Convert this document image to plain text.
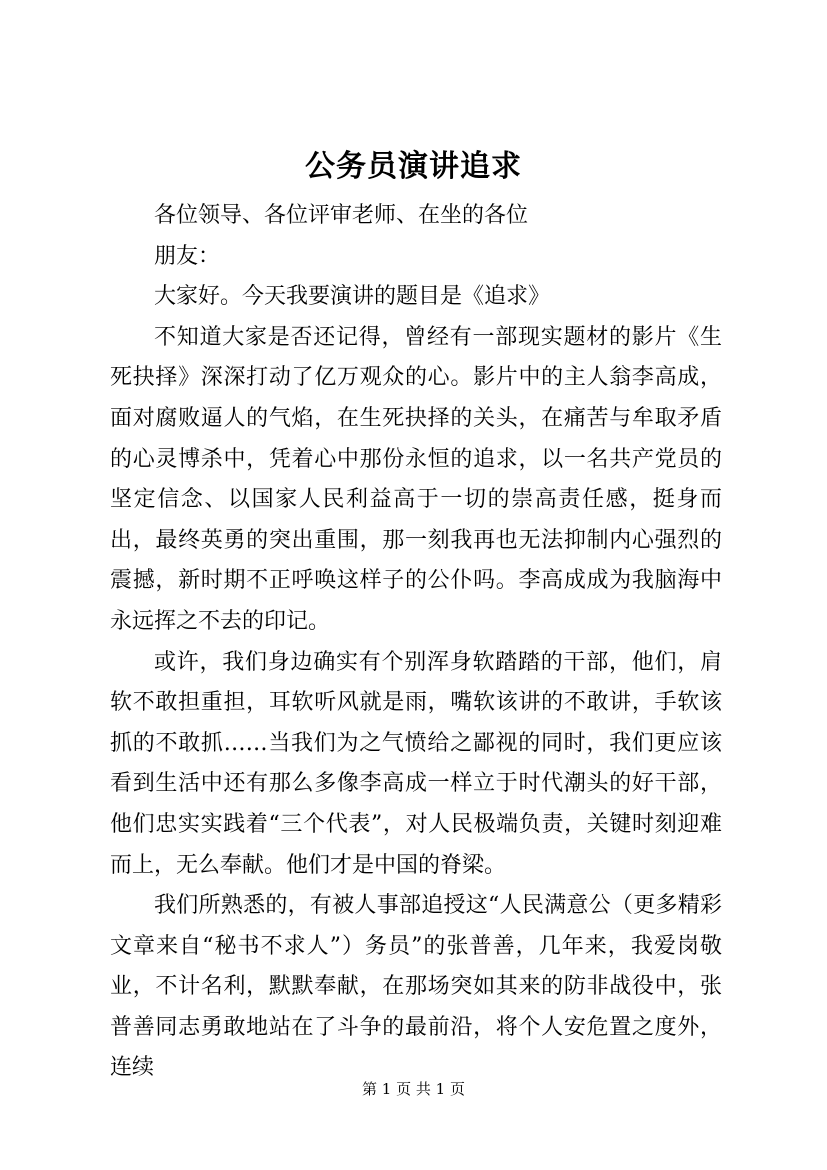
公务员演讲追求

各位领导、各位评审老师、在坐的各位

朋友：

大家好。今天我要演讲的题目是《追求》

不知道大家是否还记得，曾经有一部现实题材的影片《生死抉择》深深打动了亿万观众的心。影片中的主人翁李高成，面对腐败逼人的气焰，在生死抉择的关头，在痛苦与牟取矛盾的心灵博杀中，凭着心中那份永恒的追求，以一名共产党员的坚定信念、以国家人民利益高于一切的崇高责任感，挺身而出，最终英勇的突出重围，那一刻我再也无法抑制内心强烈的震撼，新时期不正呼唤这样子的公仆吗。李高成成为我脑海中永远挥之不去的印记。

或许，我们身边确实有个别浑身软踏踏的干部，他们，肩软不敢担重担，耳软听风就是雨，嘴软该讲的不敢讲，手软该抓的不敢抓……当我们为之气愤给之鄙视的同时，我们更应该看到生活中还有那么多像李高成一样立于时代潮头的好干部，他们忠实实践着“三个代表”，对人民极端负责，关键时刻迎难而上，无么奉献。他们才是中国的脊梁。

我们所熟悉的，有被人事部追授这“人民满意公（更多精彩文章来自“秘书不求人”）务员”的张普善，几年来，我爱岗敬业，不计名利，默默奉献，在那场突如其来的防非战役中，张普善同志勇敢地站在了斗争的最前沿，将个人安危置之度外，连续

第 1 页 共 1 页
